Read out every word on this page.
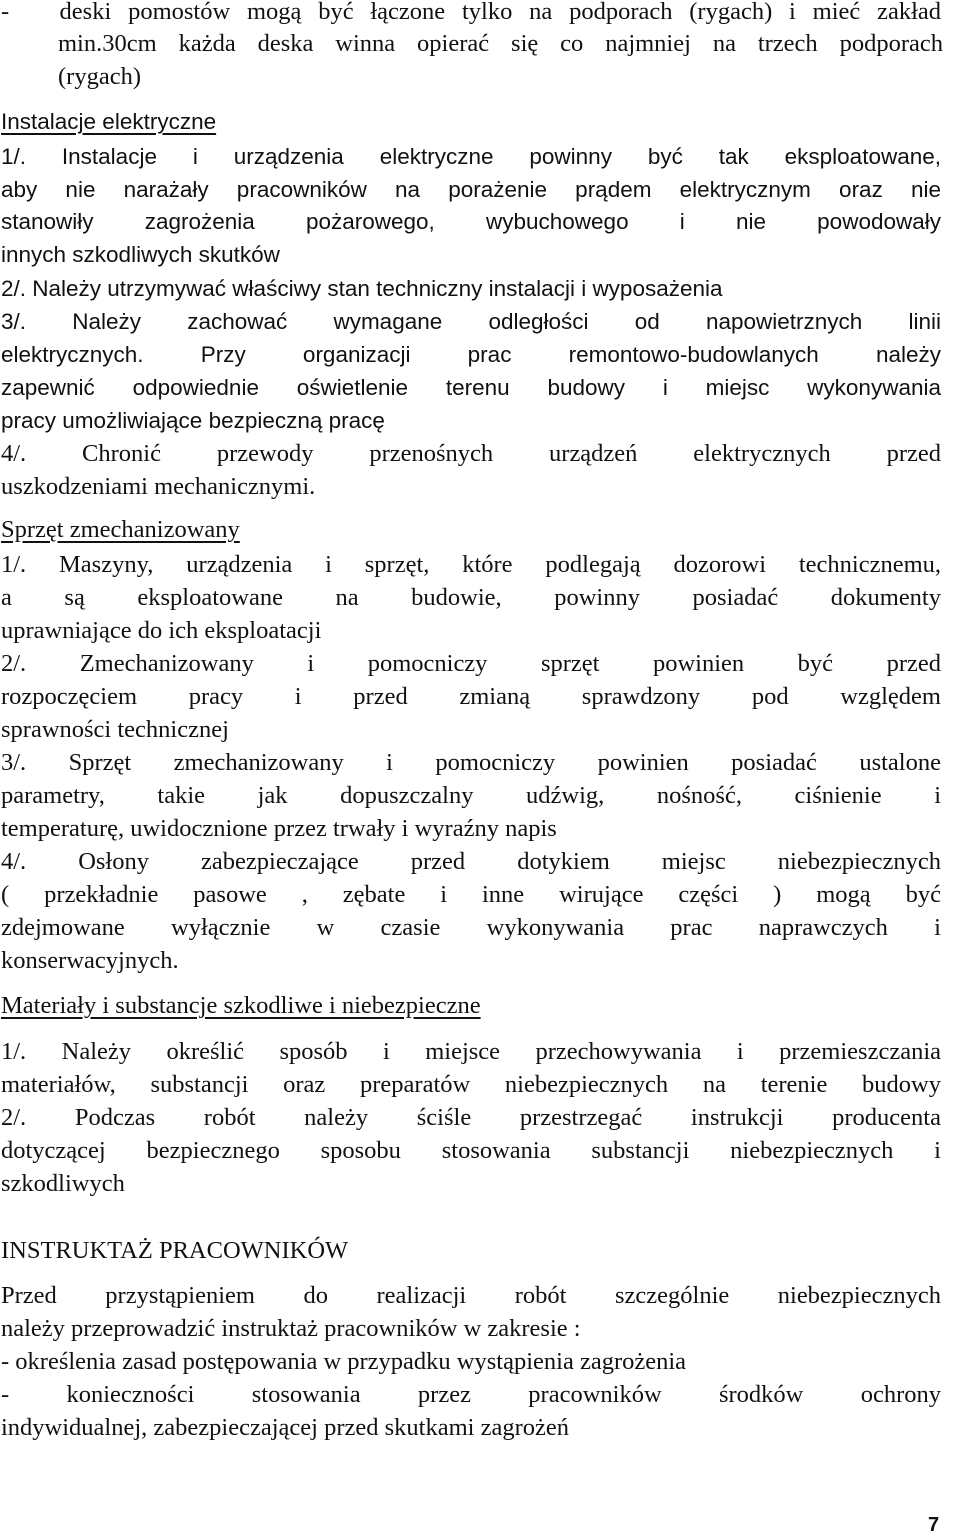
-   deski pomostów mogą być łączone tylko na podporach (rygach) i mieć zakład
min.30cm każda deska winna opierać się co najmniej na trzech podporach
(rygach)
Instalacje elektryczne
1/. Instalacje i urządzenia elektryczne powinny być tak eksploatowane,
aby nie narażały pracowników na porażenie prądem elektrycznym oraz nie
stanowiły zagrożenia pożarowego, wybuchowego i nie powodowały
innych szkodliwych skutków
2/. Należy utrzymywać właściwy stan techniczny instalacji i wyposażenia
3/. Należy zachować wymagane odległości od napowietrznych linii
elektrycznych. Przy organizacji prac remontowo-budowlanych należy
zapewnić odpowiednie oświetlenie terenu budowy i miejsc wykonywania
pracy umożliwiające bezpieczną pracę
4/. Chronić przewody przenośnych urządzeń elektrycznych przed
uszkodzeniami mechanicznymi.
Sprzęt zmechanizowany
1/. Maszyny, urządzenia i sprzęt, które podlegają dozorowi technicznemu,
a są eksploatowane na budowie, powinny posiadać dokumenty
uprawniające do ich eksploatacji
2/. Zmechanizowany i pomocniczy sprzęt powinien być przed
rozpoczęciem pracy i przed zmianą sprawdzony pod względem
sprawności technicznej
3/. Sprzęt zmechanizowany i pomocniczy powinien posiadać ustalone
parametry, takie jak dopuszczalny udźwig, nośność, ciśnienie i
temperaturę, uwidocznione przez trwały i wyraźny napis
4/. Osłony zabezpieczające przed dotykiem miejsc niebezpiecznych
( przekładnie pasowe , zębate i inne wirujące części ) mogą być
zdejmowane wyłącznie w czasie wykonywania prac naprawczych i
konserwacyjnych.
Materiały i substancje szkodliwe i niebezpieczne
1/. Należy określić sposób i miejsce przechowywania i przemieszczania
materiałów, substancji oraz preparatów niebezpiecznych na terenie budowy
2/. Podczas robót należy ściśle przestrzegać instrukcji producenta
dotyczącej bezpiecznego sposobu stosowania substancji niebezpiecznych i
szkodliwych
INSTRUKTAŻ PRACOWNIKÓW
Przed przystąpieniem do realizacji robót szczególnie niebezpiecznych
należy przeprowadzić instruktaż pracowników w zakresie :
- określenia zasad postępowania w przypadku wystąpienia zagrożenia
- konieczności stosowania przez pracowników środków ochrony
indywidualnej, zabezpieczającej przed skutkami zagrożeń
7
